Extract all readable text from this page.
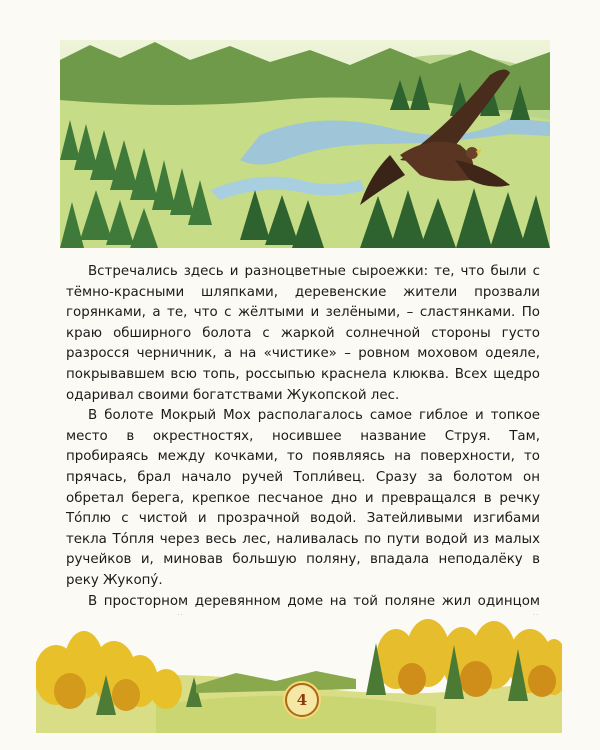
Встречались здесь и разноцветные сыроежки: те, что были с тёмно-красными шляпками, деревенские жители прозвали горянками, а те, что с жёлтыми и зелёными, – сластянками. По краю обширного болота с жаркой солнечной стороны густо разросся черничник, а на «чистике» – ровном моховом одеяле, покрывавшем всю топь, россыпью краснела клюква. Всех щедро одаривал своими богатствами Жукопской лес.

В болоте Мокрый Мох располагалось самое гиблое и топкое место в окрестностях, носившее название Струя. Там, пробираясь между кочками, то появляясь на поверхности, то прячась, брал начало ручей Топли́вец. Сразу за болотом он обретал берега, крепкое песчаное дно и превращался в речку То́плю с чистой и прозрачной водой. Затейливыми изгибами текла То́пля через весь лес, наливалась по пути водой из малых ручейков и, миновав большую поляну, впадала неподалёку в реку Жукопу́.

В просторном деревянном доме на той поляне жил одинцом

4
